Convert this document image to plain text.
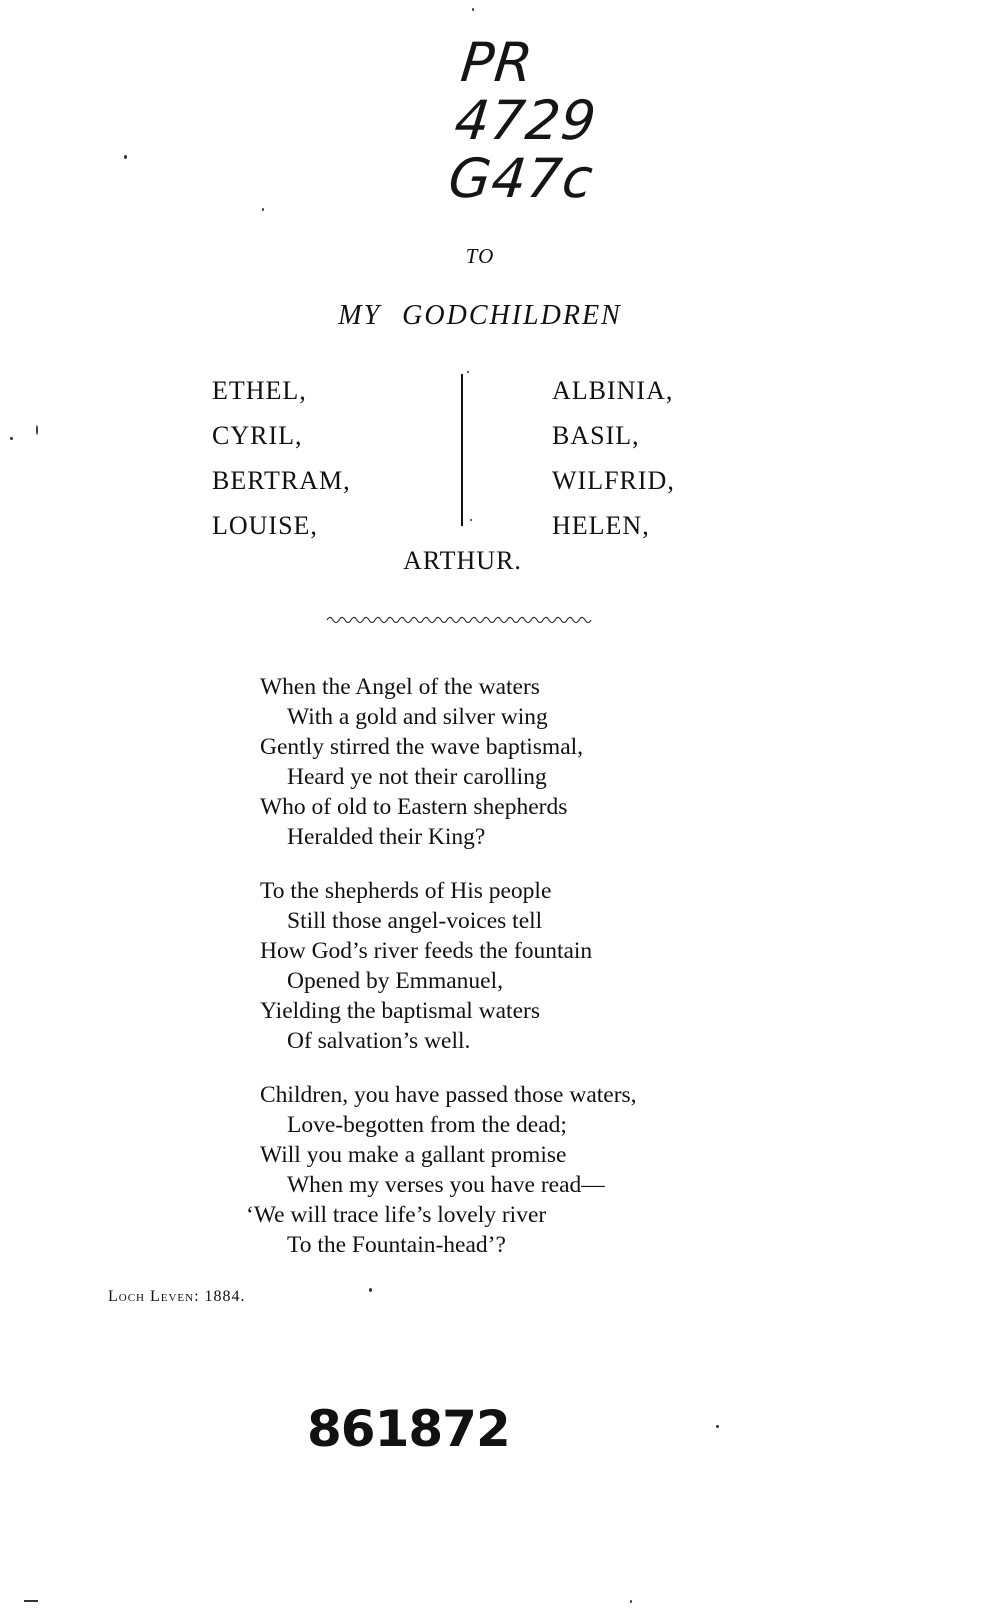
PR
4729
G47c
TO
MY GODCHILDREN
ETHEL,
CYRIL,
BERTRAM,
LOUISE,
ALBINIA,
BASIL,
WILFRID,
HELEN,
ARTHUR.
When the Angel of the waters
With a gold and silver wing
Gently stirred the wave baptismal,
Heard ye not their carolling
Who of old to Eastern shepherds
Heralded their King?
To the shepherds of His people
Still those angel-voices tell
How God’s river feeds the fountain
Opened by Emmanuel,
Yielding the baptismal waters
Of salvation’s well.
Children, you have passed those waters,
Love-begotten from the dead;
Will you make a gallant promise
When my verses you have read—
‘We will trace life’s lovely river
To the Fountain-head’?
Loch Leven: 1884.
861872
